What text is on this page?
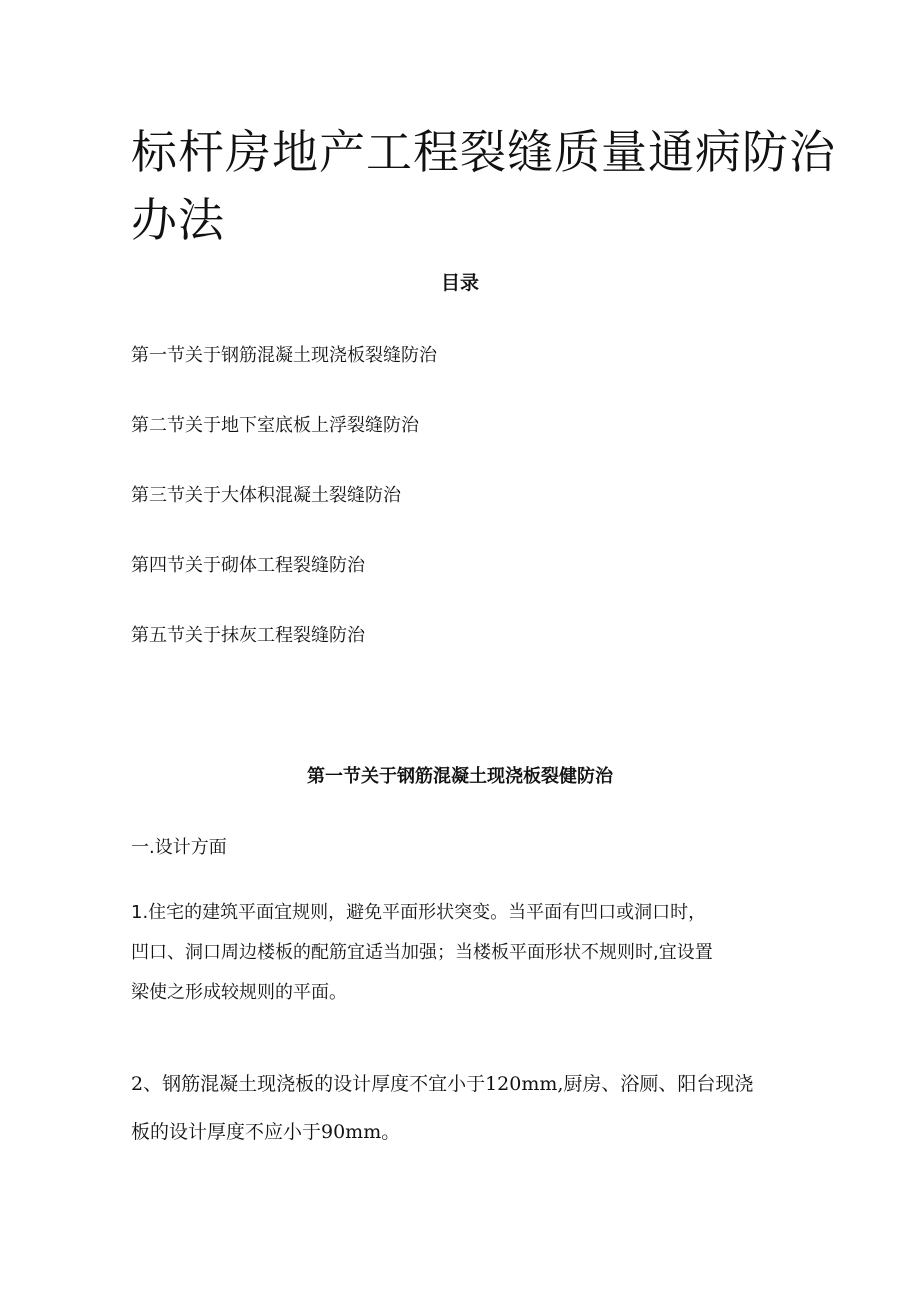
标杆房地产工程裂缝质量通病防治
办法
目录

第一节关于钢筋混凝土现浇板裂缝防治

第二节关于地下室底板上浮裂缝防治

第三节关于大体积混凝土裂缝防治

第四节关于砌体工程裂缝防治

第五节关于抹灰工程裂缝防治

第一节关于钢筋混凝土现浇板裂健防治

一.设计方面

1.住宅的建筑平面宜规则，避免平面形状突变。当平面有凹口或洞口时，
凹口、洞口周边楼板的配筋宜适当加强；当楼板平面形状不规则时,宜设置
梁使之形成较规则的平面。
2、钢筋混凝土现浇板的设计厚度不宜小于120mm,厨房、浴厕、阳台现浇
板的设计厚度不应小于90mm。
